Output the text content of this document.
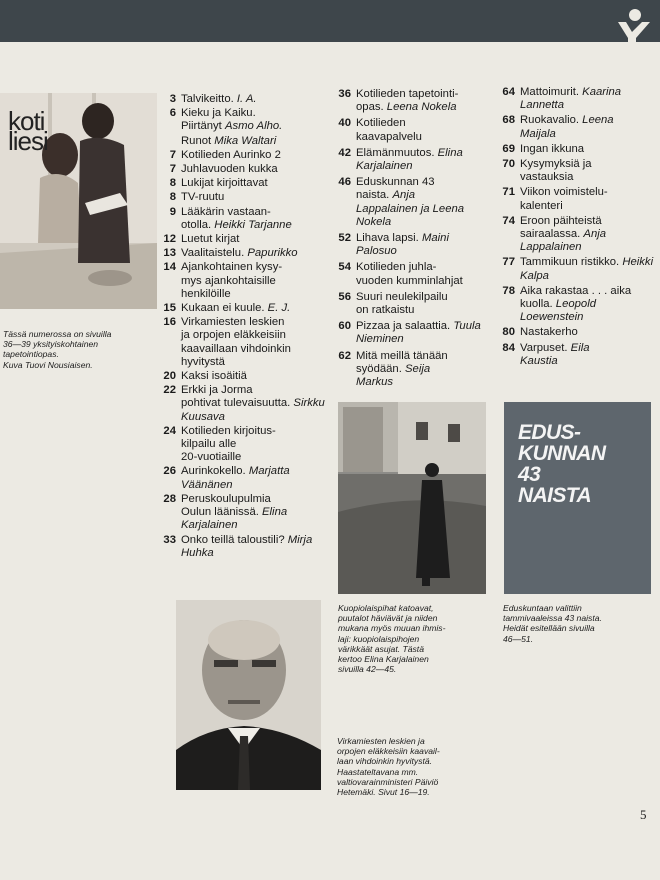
koti
liesi
Tässä numerossa on sivuilla
36—39 yksityiskohtainen
tapetointiopas.
Kuva Tuovi Nousiaisen.
3 Talvikeitto. I. A.
6 Kieku ja Kaiku.
Piirtänyt Asmo Alho.
Runot Mika Waltari
7 Kotilieden Aurinko 2
7 Juhlavuoden kukka
8 Lukijat kirjoittavat
8 TV-ruutu
9 Lääkärin vastaan-
otolla. Heikki Tarjanne
12 Luetut kirjat
13 Vaalitaistelu. Papurikko
14 Ajankohtainen kysy-
mys ajankohtaisille
henkilöille
15 Kukaan ei kuule. E. J.
16 Virkamiesten leskien
ja orpojen eläkkeisiin
kaavaillaan vihdoinkin
hyvitystä
20 Kaksi isoäitiä
22 Erkki ja Jorma
pohtivat tulevaisuutta. Sirkku Kuusava
24 Kotilieden kirjoitus-
kilpailu alle
20-vuotiaille
26 Aurinkokello. Marjatta
Väänänen
28 Peruskoulupulmia
Oulun läänissä. Elina Karjalainen
33 Onko teillä taloustili? Mirja Huhka
36 Kotilieden tapetointi-
opas. Leena Nokela
40 Kotilieden
kaavapalvelu
42 Elämänmuutos. Elina Karjalainen
46 Eduskunnan 43
naista. Anja
Lappalainen ja Leena
Nokela
52 Lihava lapsi. Maini
Palosuo
54 Kotilieden juhla-
vuoden kumminlahjat
56 Suuri neulekilpailu
on ratkaistu
60 Pizzaa ja salaattia. Tuula Nieminen
62 Mitä meillä tänään
syödään. Seija
Markus
64 Mattoimurit. Kaarina
Lannetta
68 Ruokavalio. Leena
Maijala
69 Ingan ikkuna
70 Kysymyksiä ja
vastauksia
71 Viikon voimistelu-
kalenteri
74 Eroon päihteistä
sairaalassa. Anja
Lappalainen
77 Tammikuun ristikko. Heikki Kalpa
78 Aika rakastaa . . . aika
kuolla. Leopold
Loewenstein
80 Nastakerho
84 Varpuset. Eila
Kaustia
Kuopiolaispihat katoavat,
puutalot häviävät ja niiden
mukana myös muuan ihmis-
laji: kuopiolaispihojen
värikkäät asujat. Tästä
kertoo Elina Karjalainen
sivuilla 42—45.
EDUS-
KUNNAN
43
NAISTA
Eduskuntaan valittiin
tammivaaleissa 43 naista.
Heidät esitellään sivuilla
46—51.
Virkamiesten leskien ja
orpojen eläkkeisiin kaavail-
laan vihdoinkin hyvitystä.
Haastateltavana mm.
valtiovarainministeri Päiviö
Hetemäki. Sivut 16—19.
5
